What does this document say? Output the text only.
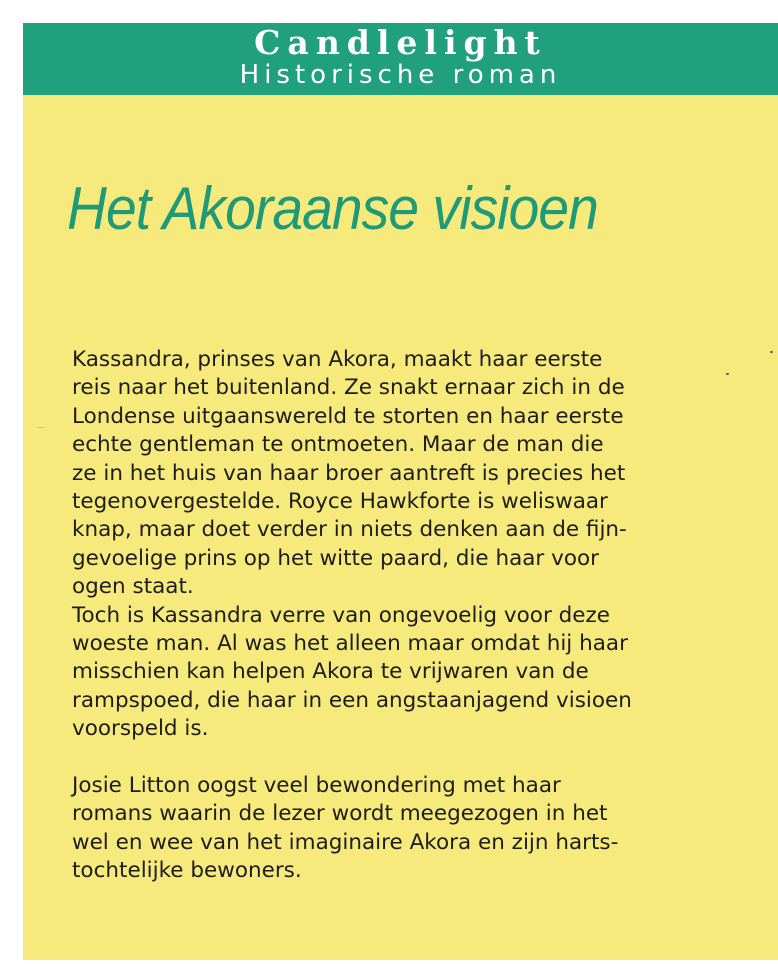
Candlelight
Historische roman
Het Akoraanse visioen

Kassandra, prinses van Akora, maakt haar eerste
reis naar het buitenland. Ze snakt ernaar zich in de
Londense uitgaanswereld te storten en haar eerste
echte gentleman te ontmoeten. Maar de man die
ze in het huis van haar broer aantreft is precies het
tegenovergestelde. Royce Hawkforte is weliswaar
knap, maar doet verder in niets denken aan de fijn-
gevoelige prins op het witte paard, die haar voor
ogen staat.

Toch is Kassandra verre van ongevoelig voor deze
woeste man. Al was het alleen maar omdat hij haar
misschien kan helpen Akora te vrijwaren van de
rampspoed, die haar in een angstaanjagend visioen
voorspeld is.

Josie Litton oogst veel bewondering met haar
romans waarin de lezer wordt meegezogen in het
wel en wee van het imaginaire Akora en zijn harts-
tochtelijke bewoners.
